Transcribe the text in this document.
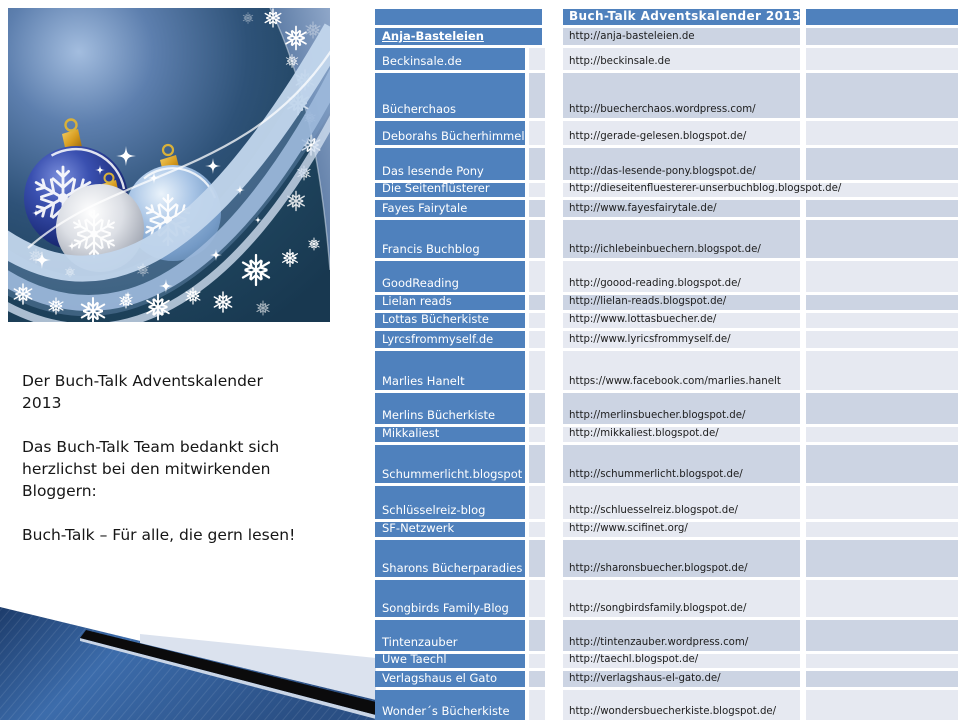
Der Buch-Talk Adventskalender
2013
Das Buch-Talk Team bedankt sich
herzlichst bei den mitwirkenden
Bloggern:
Buch-Talk – Für alle, die gern lesen!
Buch-Talk Adventskalender 2013
Anja-Basteleien	http://anja-basteleien.de
Beckinsale.de	http://beckinsale.de
Bücherchaos	http://buecherchaos.wordpress.com/
Deborahs Bücherhimmel	http://gerade-gelesen.blogspot.de/
Das lesende Pony	http://das-lesende-pony.blogspot.de/
Die Seitenflüsterer	http://dieseitenfluesterer-unserbuchblog.blogspot.de/
Fayes Fairytale	http://www.fayesfairytale.de/
Francis Buchblog	http://ichlebeinbuechern.blogspot.de/
GoodReading	http://goood-reading.blogspot.de/
Lielan reads	http://lielan-reads.blogspot.de/
Lottas Bücherkiste	http://www.lottasbuecher.de/
Lyrcsfrommyself.de	http://www.lyricsfrommyself.de/
Marlies Hanelt	https://www.facebook.com/marlies.hanelt
Merlins Bücherkiste	http://merlinsbuecher.blogspot.de/
Mikkaliest	http://mikkaliest.blogspot.de/
Schummerlicht.blogspot	http://schummerlicht.blogspot.de/
Schlüsselreiz-blog	http://schluesselreiz.blogspot.de/
SF-Netzwerk	http://www.scifinet.org/
Sharons Bücherparadies	http://sharonsbuecher.blogspot.de/
Songbirds Family-Blog	http://songbirdsfamily.blogspot.de/
Tintenzauber	http://tintenzauber.wordpress.com/
Uwe Taechl	http://taechl.blogspot.de/
Verlagshaus el Gato	http://verlagshaus-el-gato.de/
Wonder´s Bücherkiste	http://wondersbuecherkiste.blogspot.de/
